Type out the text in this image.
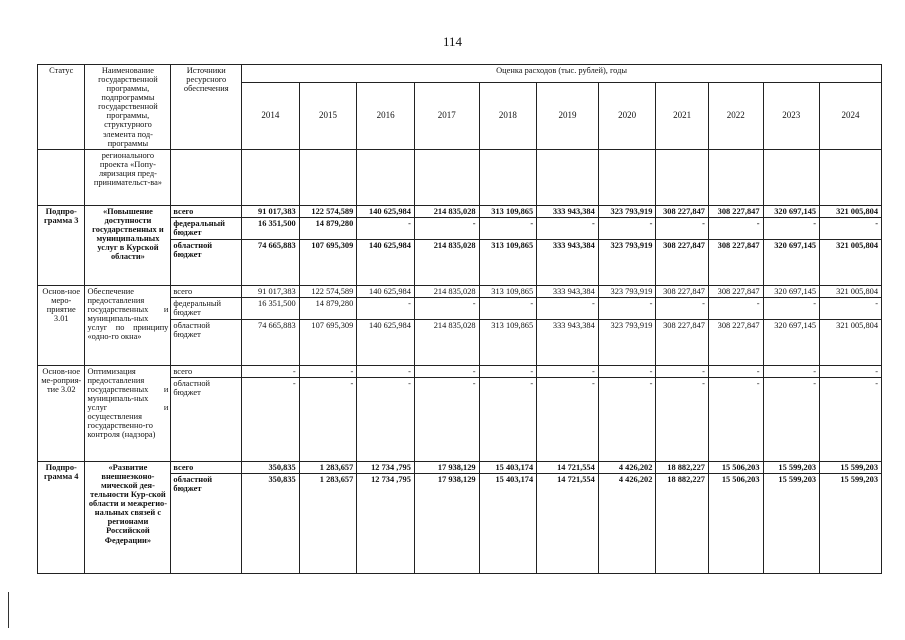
114
Статус	Наименование государственной программы, подпрограммы государственной программы, структурного элемента под-программы	Источники ресурсного обеспечения	Оценка расходов (тыс. рублей), годы										
			2014	2015	2016	2017	2018	2019	2020	2021	2022	2023	2024
	регионального проекта «Попу-ляризация пред-принимательст-ва»												
Подпро-грамма 3	«Повышение доступности государственных и муниципальных услуг в Курской области»	всего	91 017,383	122 574,589	140 625,984	214 835,028	313 109,865	333 943,384	323 793,919	308 227,847	308 227,847	320 697,145	321 005,804
		федеральный бюджет	16 351,500	14 879,280	-	-	-	-	-	-	-	-	-
		областной бюджет	74 665,883	107 695,309	140 625,984	214 835,028	313 109,865	333 943,384	323 793,919	308 227,847	308 227,847	320 697,145	321 005,804
Основ-ное меро-приятие 3.01	Обеспечение предоставления государственных и муниципаль-ных услуг по принципу «одно-го окна»	всего	91 017,383	122 574,589	140 625,984	214 835,028	313 109,865	333 943,384	323 793,919	308 227,847	308 227,847	320 697,145	321 005,804
		федеральный бюджет	16 351,500	14 879,280	-	-	-	-	-	-	-	-	-
		областной бюджет	74 665,883	107 695,309	140 625,984	214 835,028	313 109,865	333 943,384	323 793,919	308 227,847	308 227,847	320 697,145	321 005,804
Основ-ное ме-роприя-тие 3.02	Оптимизация предоставления государственных и муниципаль-ных услуг и осуществления государственно-го контроля (надзора)	всего	-	-	-	-	-	-	-	-	-	-	-
		областной бюджет	-	-	-	-	-	-	-	-	-	-	-
Подпро-грамма 4	«Развитие внешнеэконо-мической дея-тельности Кур-ской области и межрегио-нальных связей с регионами Российской Федерации»	всего	350,835	1 283,657	12 734 ,795	17 938,129	15 403,174	14 721,554	4 426,202	18 882,227	15 506,203	15 599,203	15 599,203
		областной бюджет	350,835	1 283,657	12 734 ,795	17 938,129	15 403,174	14 721,554	4 426,202	18 882,227	15 506,203	15 599,203	15 599,203
